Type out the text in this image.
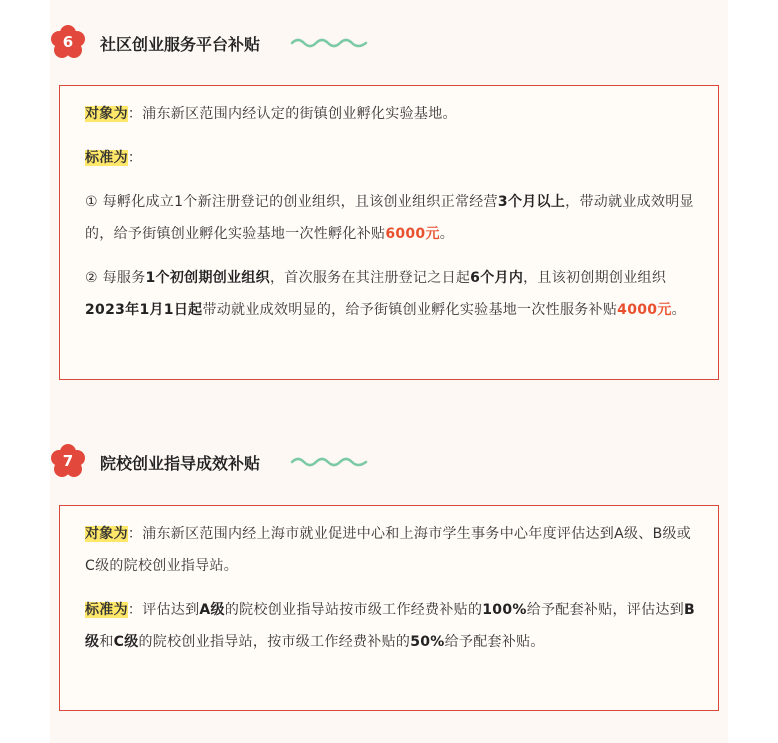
6	社区创业服务平台补贴
对象为：浦东新区范围内经认定的街镇创业孵化实验基地。
标准为：
① 每孵化成立1个新注册登记的创业组织，且该创业组织正常经营3个月以上，带动就业成效明显的，给予街镇创业孵化实验基地一次性孵化补贴6000元。
② 每服务1个初创期创业组织，首次服务在其注册登记之日起6个月内，且该初创期创业组织2023年1月1日起带动就业成效明显的，给予街镇创业孵化实验基地一次性服务补贴4000元。
7	院校创业指导成效补贴
对象为：浦东新区范围内经上海市就业促进中心和上海市学生事务中心年度评估达到A级、B级或C级的院校创业指导站。
标准为：评估达到A级的院校创业指导站按市级工作经费补贴的100%给予配套补贴，评估达到B级和C级的院校创业指导站，按市级工作经费补贴的50%给予配套补贴。
